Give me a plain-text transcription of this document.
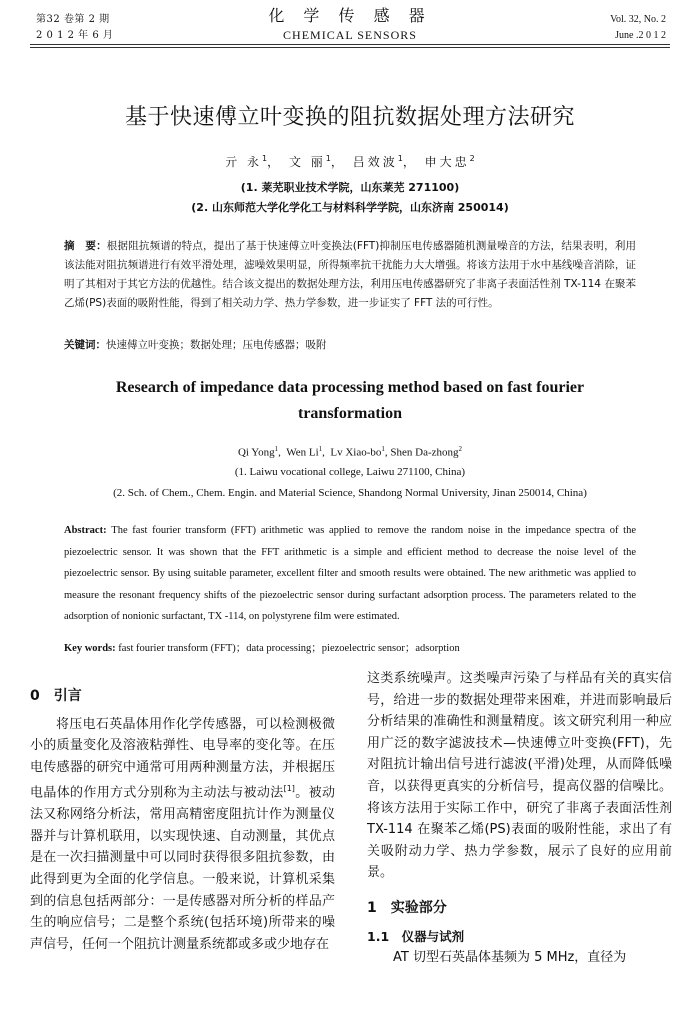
第32 卷第 2 期
2 0 1 2 年 6 月
化 学 传 感 器
CHEMICAL SENSORS
Vol. 32, No. 2
June .2 0 1 2
基于快速傅立叶变换的阻抗数据处理方法研究
亓 永$^1$， 文 丽$^1$， 吕效波$^1$， 申大忠$^2$
(1. 莱芜职业技术学院，山东莱芜 271100)
(2. 山东师范大学化学化工与材料科学学院，山东济南 250014)
摘　要：根据阻抗频谱的特点，提出了基于快速傅立叶变换法(FFT)抑制压电传感器随机测量噪音的方法，结果表明，利用该法能对阻抗频谱进行有效平滑处理，滤噪效果明显，所得频率抗干扰能力大大增强。将该方法用于水中基线噪音消除，证明了其相对于其它方法的优越性。结合该文提出的数据处理方法，利用压电传感器研究了非离子表面活性剂 TX-114 在聚苯乙烯(PS)表面的吸附性能，得到了相关动力学、热力学参数，进一步证实了 FFT 法的可行性。
关键词：快速傅立叶变换；数据处理；压电传感器；吸附
Research of impedance data processing method based on fast fourier transformation
Qi Yong$^1$,  Wen Li$^1$,  Lv Xiao-$bo^1$, Shen Da-zhong$^2$
(1. Laiwu vocational college, Laiwu 271100, China)
(2. Sch. of Chem., Chem. Engin. and Material Science, Shandong Normal University, Jinan 250014, China)
Abstract: The fast fourier transform (FFT) arithmetic was applied to remove the random noise in the impedance spectra of the piezoelectric sensor. It was shown that the FFT arithmetic is a simple and efficient method to decrease the noise level of the piezoelectric sensor. By using suitable parameter, excellent filter and smooth results were obtained. The new arithmetic was applied to measure the resonant frequency shifts of the piezoelectric sensor during surfactant adsorption process. The parameters related to the adsorption of nonionic surfactant, TX -114, on polystyrene film were estimated.
Key words: fast fourier transform (FFT)；data processing；piezoelectric sensor；adsorption
0　引言

将压电石英晶体用作化学传感器，可以检测极微小的质量变化及溶液粘弹性、电导率的变化等。在压电传感器的研究中通常可用两种测量方法，并根据压电晶体的作用方式分别称为主动法与被动法[1]。被动法又称网络分析法，常用高精密度阻抗计作为测量仪器并与计算机联用，以实现快速、自动测量，其优点是在一次扫描测量中可以同时获得很多阻抗参数，由此得到更为全面的化学信息。一般来说，计算机采集到的信息包括两部分：一是传感器对所分析的样品产生的响应信号；二是整个系统(包括环境)所带来的噪声信号，任何一个阻抗计测量系统都或多或少地存在

这类系统噪声。这类噪声污染了与样品有关的真实信号，给进一步的数据处理带来困难，并进而影响最后分析结果的准确性和测量精度。该文研究利用一种应用广泛的数字滤波技术—快速傅立叶变换(FFT)，先对阻抗计输出信号进行滤波(平滑)处理，从而降低噪音，以获得更真实的分析信号，提高仪器的信噪比。将该方法用于实际工作中，研究了非离子表面活性剂 TX-114 在聚苯乙烯(PS)表面的吸附性能，求出了有关吸附动力学、热力学参数，展示了良好的应用前景。

1　实验部分
1.1　仪器与试剂

AT 切型石英晶体基频为 5 MHz，直径为
